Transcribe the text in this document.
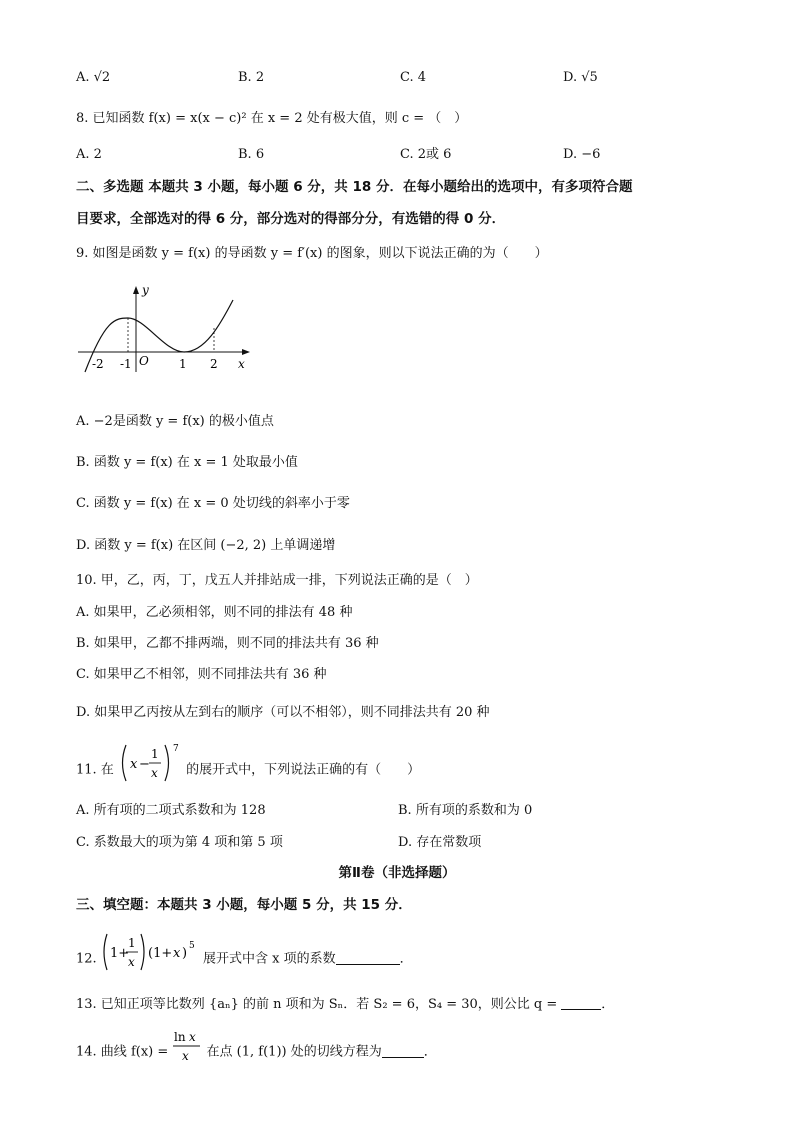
A. √2	B. 2	C. 4	D. √5
8. 已知函数 f(x) = x(x − c)² 在 x = 2 处有极大值，则 c = （　）
A. 2	B. 6	C. 2或 6	D. −6
二、多选题 本题共 3 小题，每小题 6 分，共 18 分．在每小题给出的选项中，有多项符合题
目要求，全部选对的得 6 分，部分选对的得部分分，有选错的得 0 分．
9. 如图是函数 y = f(x) 的导函数 y = f′(x) 的图象，则以下说法正确的为（　　）
y
x
O
-2 -1	1 2
A. −2是函数 y = f(x) 的极小值点
B. 函数 y = f(x) 在 x = 1 处取最小值
C. 函数 y = f(x) 在 x = 0 处切线的斜率小于零
D. 函数 y = f(x) 在区间 (−2, 2) 上单调递增
10. 甲，乙，丙，丁，戊五人并排站成一排，下列说法正确的是（　）
A. 如果甲，乙必须相邻，则不同的排法有 48 种
B. 如果甲，乙都不排两端，则不同的排法共有 36 种
C. 如果甲乙不相邻，则不同排法共有 36 种
D. 如果甲乙丙按从左到右的顺序（可以不相邻），则不同排法共有 20 种
11. 在 x −
1
x
7
的展开式中，下列说法正确的有（　　）
A. 所有项的二项式系数和为 128	B. 所有项的系数和为 0
C. 系数最大的项为第 4 项和第 5 项	D. 存在常数项
第Ⅱ卷（非选择题）
三、填空题：本题共 3 小题，每小题 5 分，共 15 分．
12. 1+
1
x
(1+ x ) 5
展开式中含 x 项的系数	．
13. 已知正项等比数列 {aₙ} 的前 n 项和为 Sₙ．若 S₂ = 6，S₄ = 30，则公比 q =	．
14. 曲线 f(x) =
ln x
x 在点 (1, f(1)) 处的切线方程为	．
